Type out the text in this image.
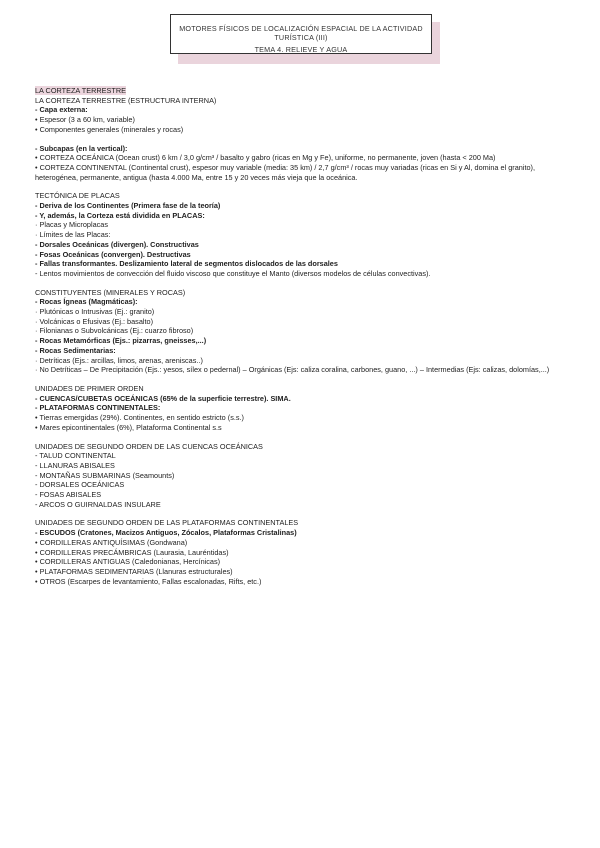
MOTORES FÍSICOS DE LOCALIZACIÓN ESPACIAL DE LA ACTIVIDAD TURÍSTICA (III)
TEMA 4. RELIEVE Y AGUA

LA CORTEZA TERRESTRE

LA CORTEZA TERRESTRE (ESTRUCTURA INTERNA)

- Capa externa:

• Espesor (3 a 60 km, variable)

• Componentes generales (minerales y rocas)

- Subcapas (en la vertical):

• CORTEZA OCEÁNICA (Ocean crust) 6 km / 3,0 g/cm³ / basalto y gabro (ricas en Mg y Fe), uniforme, no permanente, joven (hasta < 200 Ma)

• CORTEZA CONTINENTAL (Continental crust), espesor muy variable (media: 35 km) / 2,7 g/cm³ / rocas muy variadas (ricas en Si y Al, domina el granito), heterogénea, permanente, antigua (hasta 4.000 Ma, entre 15 y 20 veces más vieja que la oceánica.

TECTÓNICA DE PLACAS

- Deriva de los Continentes (Primera fase de la teoría)

- Y, además, la Corteza está dividida en PLACAS:

· Placas y Microplacas

· Límites de las Placas:

- Dorsales Oceánicas (divergen). Constructivas

- Fosas Oceánicas (convergen). Destructivas

- Fallas transformantes. Deslizamiento lateral de segmentos dislocados de las dorsales

- Lentos movimientos de convección del fluido viscoso que constituye el Manto (diversos modelos de células convectivas).

CONSTITUYENTES (MINERALES Y ROCAS)

- Rocas Ígneas (Magmáticas):

· Plutónicas o Intrusivas (Ej.: granito)

· Volcánicas o Efusivas (Ej.: basalto)

· Filonianas o Subvolcánicas (Ej.: cuarzo fibroso)

- Rocas Metamórficas (Ejs.: pizarras, gneisses,...)

- Rocas Sedimentarias:

· Detríticas (Ejs.: arcillas, limos, arenas, areniscas..)

· No Detríticas – De Precipitación (Ejs.: yesos, sílex o pedernal) – Orgánicas (Ejs: caliza coralina, carbones, guano, ...) – Intermedias (Ejs: calizas, dolomías,...)

UNIDADES DE PRIMER ORDEN

- CUENCAS/CUBETAS OCEÁNICAS (65% de la superficie terrestre). SIMA.

- PLATAFORMAS CONTINENTALES:

• Tierras emergidas (29%). Continentes, en sentido estricto (s.s.)

• Mares epicontinentales (6%), Plataforma Continental s.s

UNIDADES DE SEGUNDO ORDEN DE LAS CUENCAS OCEÁNICAS

- TALUD CONTINENTAL

- LLANURAS ABISALES

- MONTAÑAS SUBMARINAS (Seamounts)

- DORSALES OCEÁNICAS

- FOSAS ABISALES

- ARCOS O GUIRNALDAS INSULARE

UNIDADES DE SEGUNDO ORDEN DE LAS PLATAFORMAS CONTINENTALES

- ESCUDOS (Cratones, Macizos Antiguos, Zócalos, Plataformas Cristalinas)

• CORDILLERAS ANTIQUÍSIMAS (Gondwana)

• CORDILLERAS PRECÁMBRICAS (Laurasia, Lauréntidas)

• CORDILLERAS ANTIGUAS (Caledonianas, Hercínicas)

• PLATAFORMAS SEDIMENTARIAS (Llanuras estructurales)

• OTROS (Escarpes de levantamiento, Fallas escalonadas, Rifts, etc.)
